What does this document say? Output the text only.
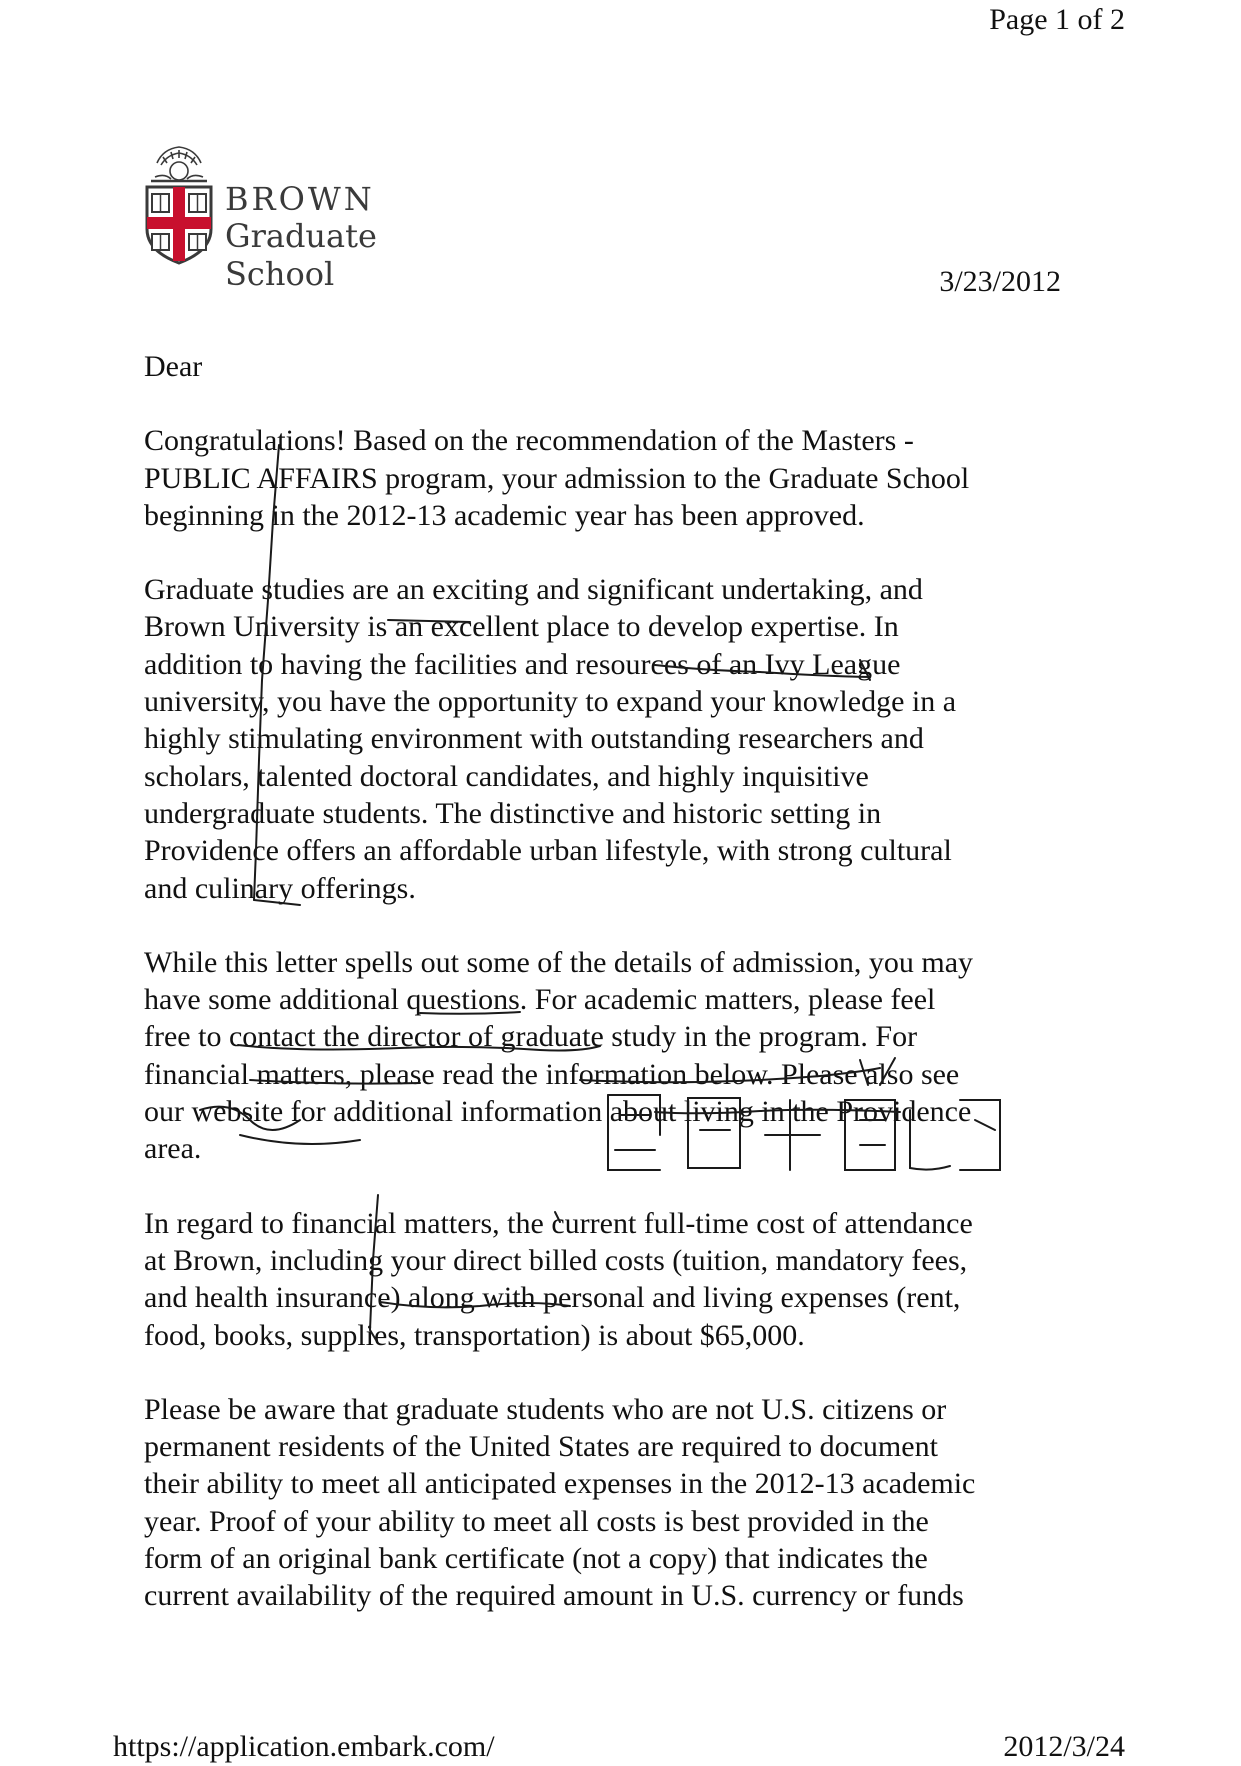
Page 1 of 2
BROWN
Graduate School	3/23/2012
Dear
Congratulations! Based on the recommendation of the Masters -
PUBLIC AFFAIRS program, your admission to the Graduate School
beginning in the 2012-13 academic year has been approved.
Graduate studies are an exciting and significant undertaking, and
Brown University is an excellent place to develop expertise. In
addition to having the facilities and resources of an Ivy League
university, you have the opportunity to expand your knowledge in a
highly stimulating environment with outstanding researchers and
scholars, talented doctoral candidates, and highly inquisitive
undergraduate students. The distinctive and historic setting in
Providence offers an affordable urban lifestyle, with strong cultural
and culinary offerings.
While this letter spells out some of the details of admission, you may
have some additional questions. For academic matters, please feel
free to contact the director of graduate study in the program. For
financial matters, please read the information below. Please also see
our website for additional information about living in the Providence
area.
In regard to financial matters, the current full-time cost of attendance
at Brown, including your direct billed costs (tuition, mandatory fees,
and health insurance) along with personal and living expenses (rent,
food, books, supplies, transportation) is about $65,000.
Please be aware that graduate students who are not U.S. citizens or
permanent residents of the United States are required to document
their ability to meet all anticipated expenses in the 2012-13 academic
year. Proof of your ability to meet all costs is best provided in the
form of an original bank certificate (not a copy) that indicates the
current availability of the required amount in U.S. currency or funds
https://application.embark.com/	2012/3/24
